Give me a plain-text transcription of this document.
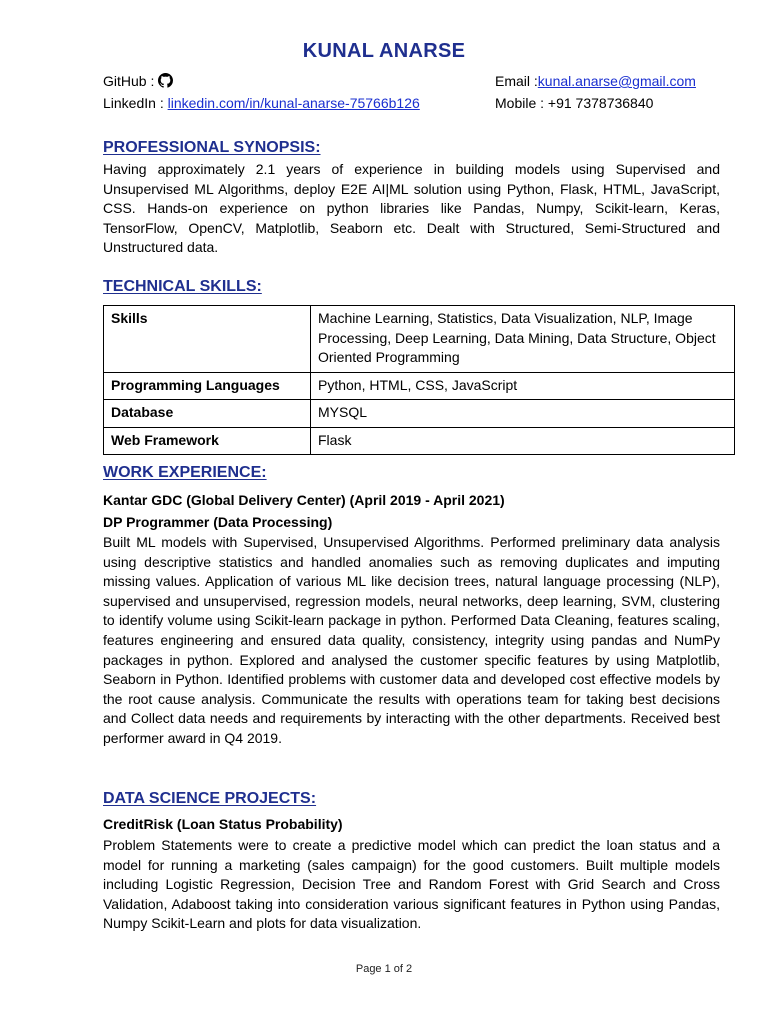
KUNAL ANARSE
GitHub :
LinkedIn : linkedin.com/in/kunal-anarse-75766b126
Email :kunal.anarse@gmail.com
Mobile : +91 7378736840
PROFESSIONAL SYNOPSIS:
Having approximately 2.1 years of experience in building models using Supervised and Unsupervised ML Algorithms, deploy E2E AI|ML solution using Python, Flask, HTML, JavaScript, CSS. Hands-on experience on python libraries like Pandas, Numpy, Scikit-learn, Keras, TensorFlow, OpenCV, Matplotlib, Seaborn etc. Dealt with Structured, Semi-Structured and Unstructured data.
TECHNICAL SKILLS:
Skills	Machine Learning, Statistics, Data Visualization, NLP, Image Processing, Deep Learning, Data Mining, Data Structure, Object Oriented Programming
Programming Languages	Python, HTML, CSS, JavaScript
Database	MYSQL
Web Framework	Flask
WORK EXPERIENCE:
Kantar GDC (Global Delivery Center) (April 2019 - April 2021)
DP Programmer (Data Processing)
Built ML models with Supervised, Unsupervised Algorithms. Performed preliminary data analysis using descriptive statistics and handled anomalies such as removing duplicates and imputing missing values. Application of various ML like decision trees, natural language processing (NLP), supervised and unsupervised, regression models, neural networks, deep learning, SVM, clustering to identify volume using Scikit-learn package in python. Performed Data Cleaning, features scaling, features engineering and ensured data quality, consistency, integrity using pandas and NumPy packages in python. Explored and analysed the customer specific features by using Matplotlib, Seaborn in Python. Identified problems with customer data and developed cost effective models by the root cause analysis. Communicate the results with operations team for taking best decisions and Collect data needs and requirements by interacting with the other departments. Received best performer award in Q4 2019.
DATA SCIENCE PROJECTS:
CreditRisk (Loan Status Probability)
Problem Statements were to create a predictive model which can predict the loan status and a model for running a marketing (sales campaign) for the good customers. Built multiple models including Logistic Regression, Decision Tree and Random Forest with Grid Search and Cross Validation, Adaboost taking into consideration various significant features in Python using Pandas, Numpy Scikit-Learn and plots for data visualization.
Page 1 of 2
